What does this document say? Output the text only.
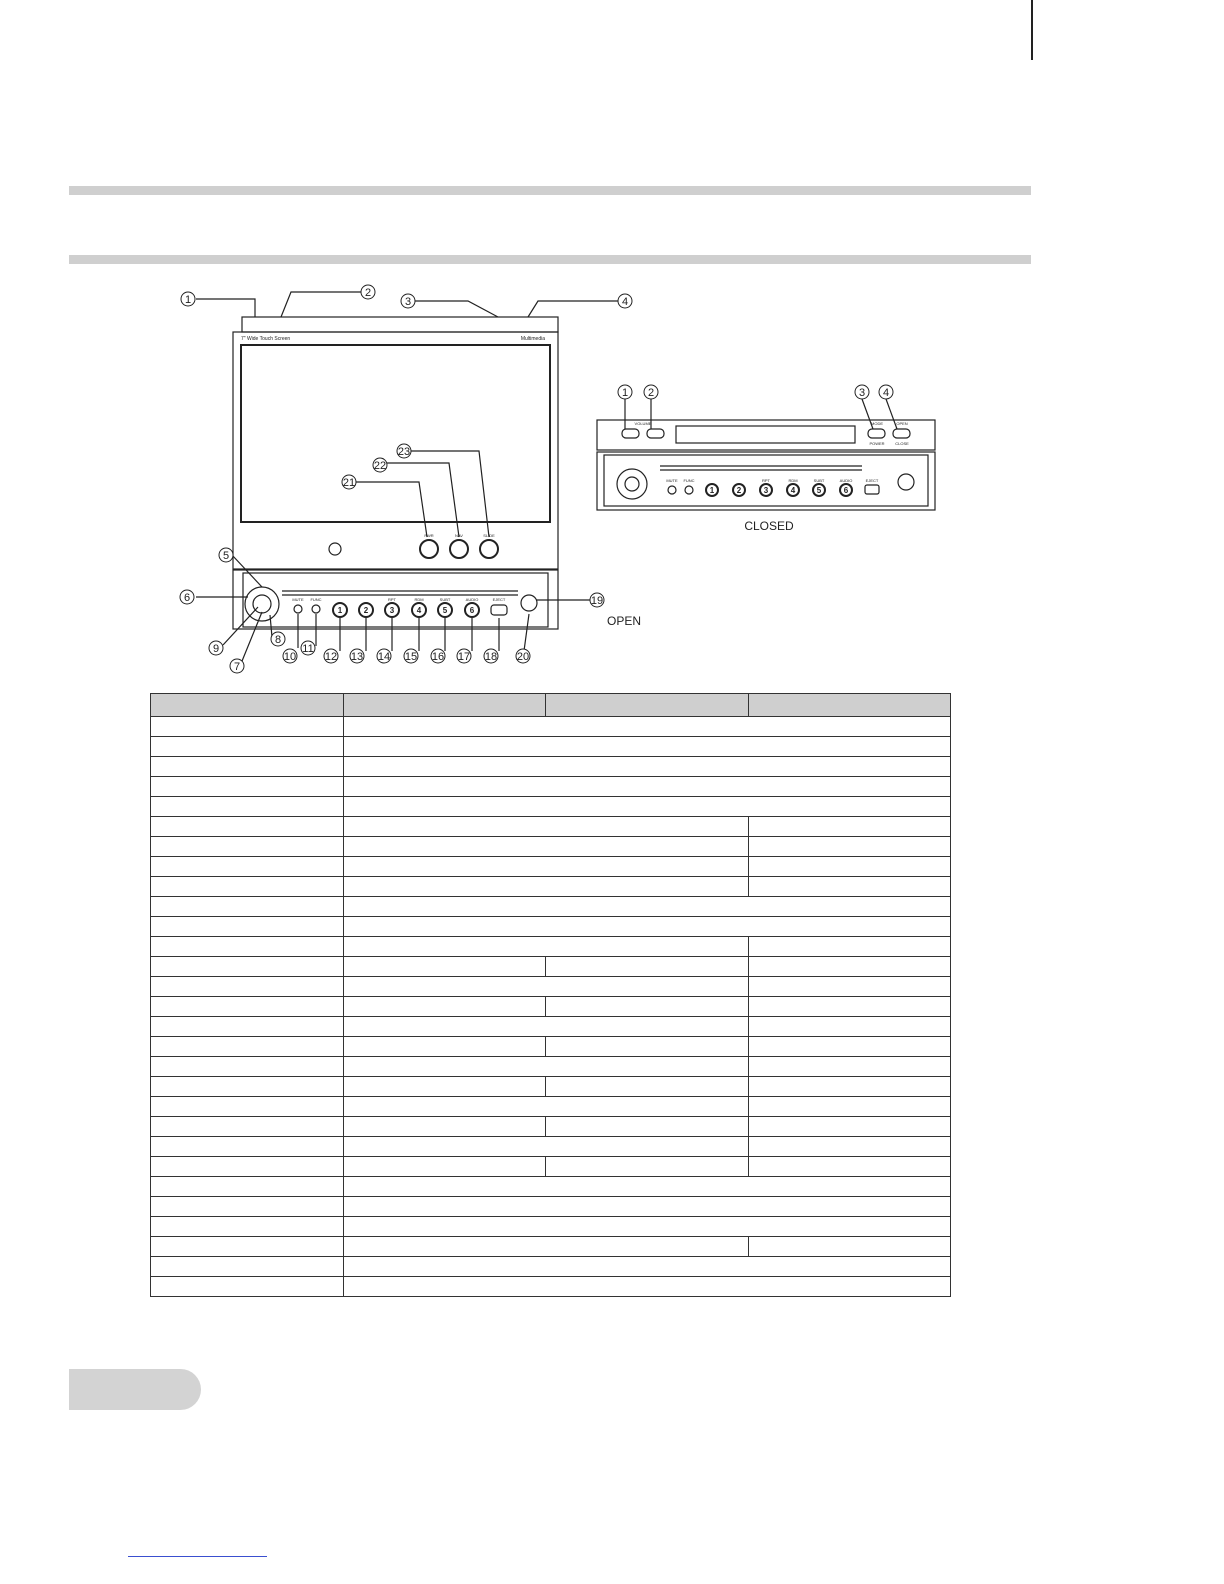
1
2
3	4
5
6
7
8
9
10
11
12 13 14 15 16 17 18
19
20
21
22
23
1 2	3 4
7" Wide Touch Screen	Multimedia
CLOSED
OPEN
PWR	NAV	SLIDE
MUTE FUNC
1	2	3	4	5	6
RPT	RDM	SUBT	AUDIO	EJECT
VOLUME	MODE	OPEN
POWER	CLOSE
MUTE FUNC	RPT	RDM	SUBT	AUDIO	EJECT
1	2	3	4	5	6
